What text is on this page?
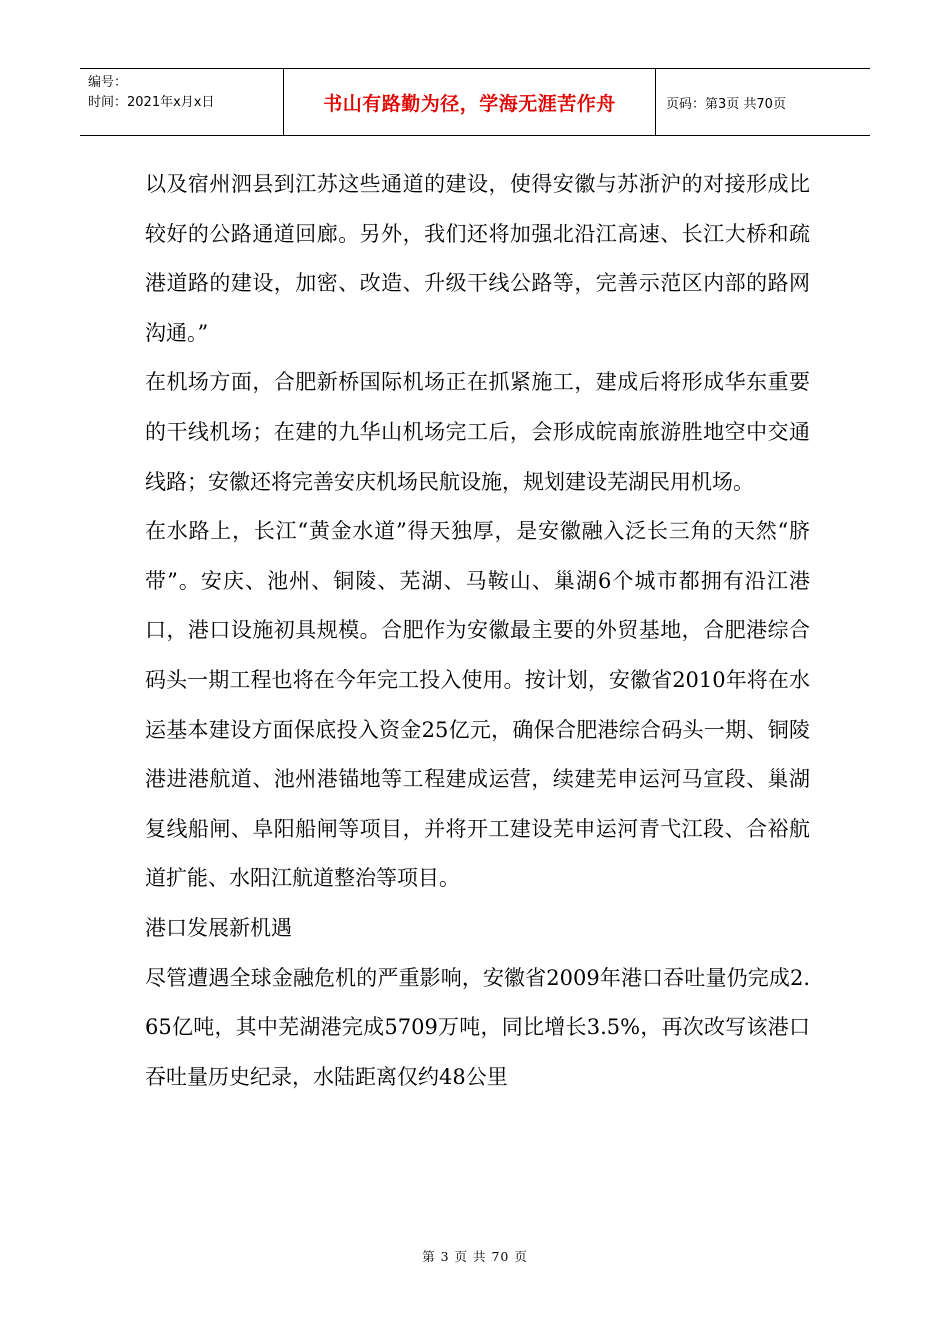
编号：
时间：2021年x月x日	书山有路勤为径，学海无涯苦作舟	页码：第3页 共70页

以及宿州泗县到江苏这些通道的建设，使得安徽与苏浙沪的对接形成比较好的公路通道回廊。另外，我们还将加强北沿江高速、长江大桥和疏港道路的建设，加密、改造、升级干线公路等，完善示范区内部的路网沟通。”

在机场方面，合肥新桥国际机场正在抓紧施工，建成后将形成华东重要的干线机场；在建的九华山机场完工后，会形成皖南旅游胜地空中交通线路；安徽还将完善安庆机场民航设施，规划建设芜湖民用机场。

在水路上，长江“黄金水道”得天独厚，是安徽融入泛长三角的天然“脐带”。安庆、池州、铜陵、芜湖、马鞍山、巢湖6个城市都拥有沿江港口，港口设施初具规模。合肥作为安徽最主要的外贸基地，合肥港综合码头一期工程也将在今年完工投入使用。按计划，安徽省2010年将在水运基本建设方面保底投入资金25亿元，确保合肥港综合码头一期、铜陵港进港航道、池州港锚地等工程建成运营，续建芜申运河马宣段、巢湖复线船闸、阜阳船闸等项目，并将开工建设芜申运河青弋江段、合裕航道扩能、水阳江航道整治等项目。

港口发展新机遇

尽管遭遇全球金融危机的严重影响，安徽省2009年港口吞吐量仍完成2.65亿吨，其中芜湖港完成5709万吨，同比增长3.5%，再次改写该港口吞吐量历史纪录，水陆距离仅约48公里

第 3 页 共 70 页
